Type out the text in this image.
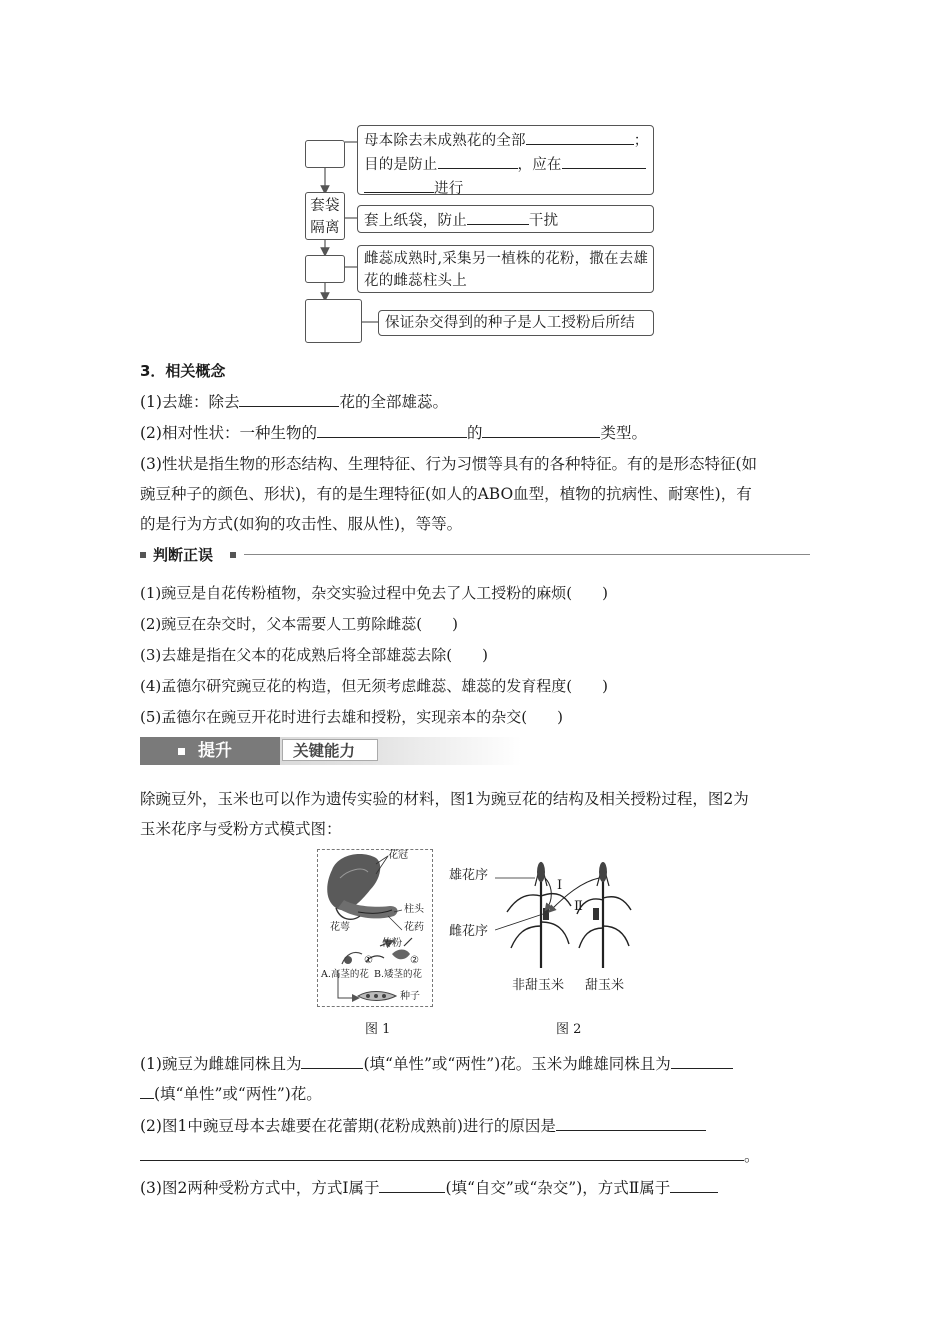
母本除去未成熟花的全部	；
目的是防止	，应在
进行
套袋
隔离 套上纸袋，防止	干扰
雌蕊成熟时,采集另一植株的花粉，撒在去雄
花的雌蕊柱头上
保证杂交得到的种子是人工授粉后所结
3．相关概念
(1)去雄：除去	花的全部雄蕊。
(2)相对性状：一种生物的	的	类型。
(3)性状是指生物的形态结构、生理特征、行为习惯等具有的各种特征。有的是形态特征(如
豌豆种子的颜色、形状)，有的是生理特征(如人的ABO血型，植物的抗病性、耐寒性)，有
的是行为方式(如狗的攻击性、服从性)，等等。
判断正误
(1)豌豆是自花传粉植物，杂交实验过程中免去了人工授粉的麻烦(　　)
(2)豌豆在杂交时，父本需要人工剪除雌蕊(　　)
(3)去雄是指在父本的花成熟后将全部雄蕊去除(　　)
(4)孟德尔研究豌豆花的构造，但无须考虑雌蕊、雄蕊的发育程度(　　)
(5)孟德尔在豌豆开花时进行去雄和授粉，实现亲本的杂交(　　)
提升	关键能力
除豌豆外，玉米也可以作为遗传实验的材料，图1为豌豆花的结构及相关授粉过程，图2为
玉米花序与受粉方式模式图：
花冠
柱头
花药
花萼
传粉
①	②
A.高茎的花 B.矮茎的花
种子
图 1
雄花序
雌花序
Ⅰ
Ⅱ
非甜玉米 甜玉米
图 2
(1)豌豆为雌雄同株且为	(填“单性”或“两性”)花。玉米为雌雄同株且为
(填“单性”或“两性”)花。
(2)图1中豌豆母本去雄要在花蕾期(花粉成熟前)进行的原因是
。
(3)图2两种受粉方式中，方式Ⅰ属于	(填“自交”或“杂交”)，方式Ⅱ属于
